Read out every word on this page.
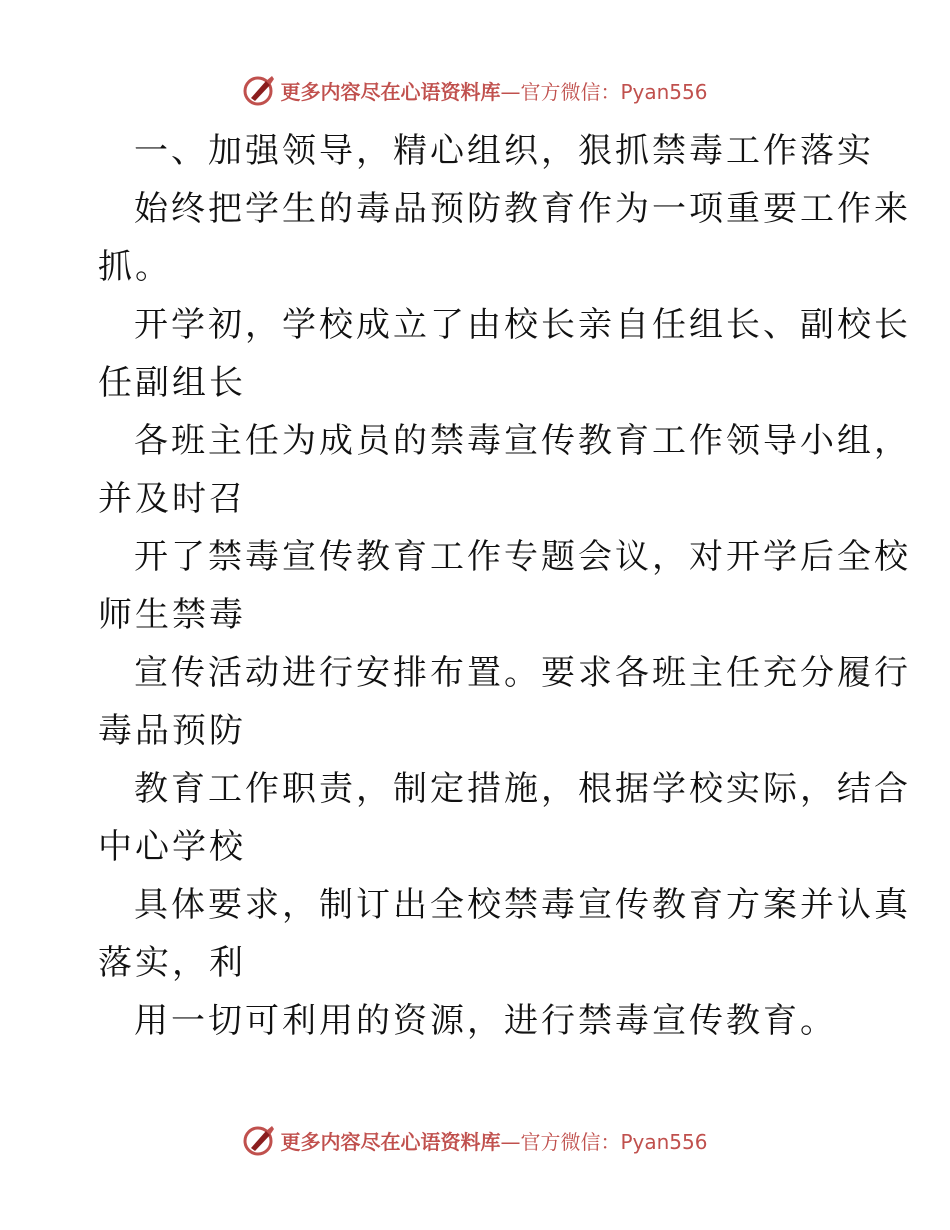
更多内容尽在心语资料库—官方微信：Pyan556
一、加强领导，精心组织，狠抓禁毒工作落实
始终把学生的毒品预防教育作为一项重要工作来
抓。
开学初，学校成立了由校长亲自任组长、副校长
任副组长
各班主任为成员的禁毒宣传教育工作领导小组，
并及时召
开了禁毒宣传教育工作专题会议，对开学后全校
师生禁毒
宣传活动进行安排布置。要求各班主任充分履行
毒品预防
教育工作职责，制定措施，根据学校实际，结合
中心学校
具体要求，制订出全校禁毒宣传教育方案并认真
落实，利
用一切可利用的资源，进行禁毒宣传教育。
更多内容尽在心语资料库—官方微信：Pyan556
